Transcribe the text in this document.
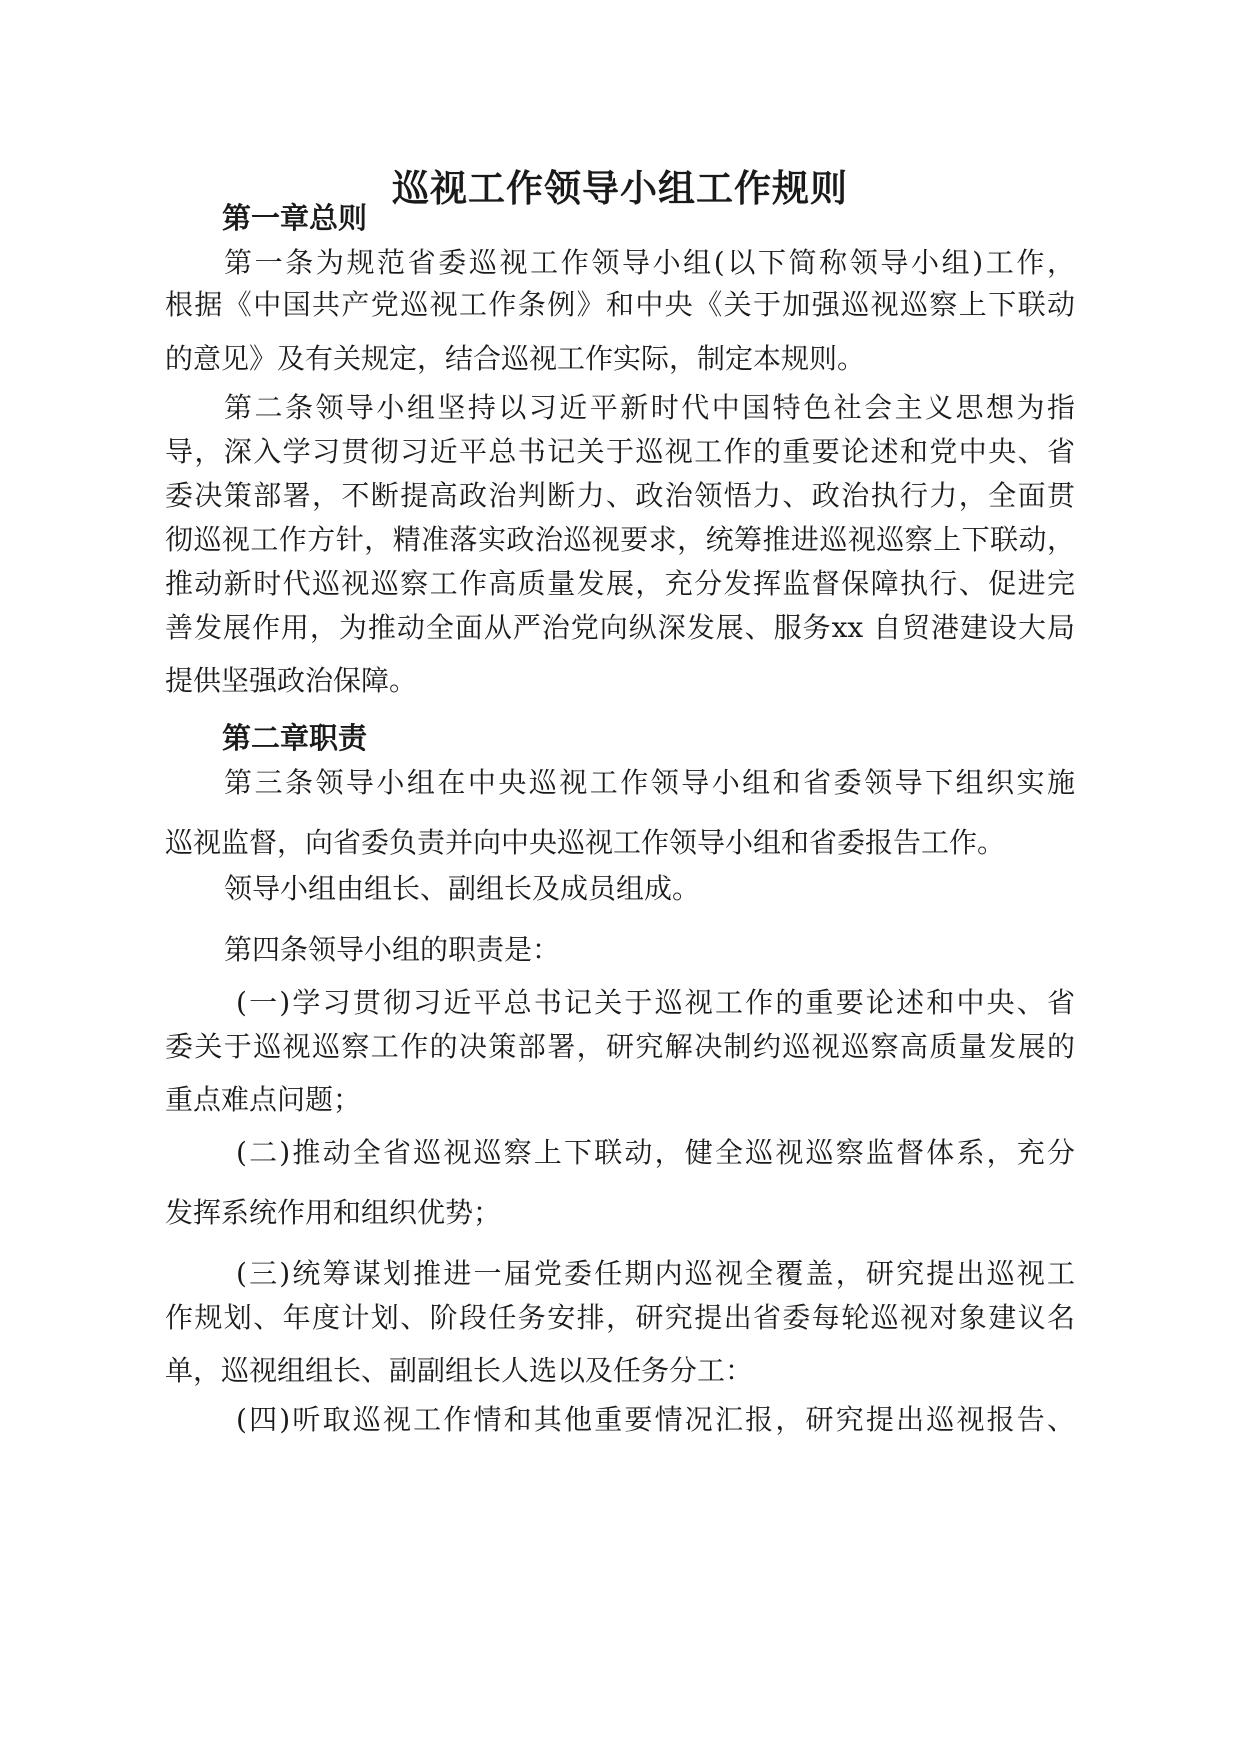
巡视工作领导小组工作规则
第一章总则
第一条为规范省委巡视工作领导小组(以下简称领导小组)工作，
根据《中国共产党巡视工作条例》和中央《关于加强巡视巡察上下联动
的意见》及有关规定，结合巡视工作实际，制定本规则。
第二条领导小组坚持以习近平新时代中国特色社会主义思想为指
导，深入学习贯彻习近平总书记关于巡视工作的重要论述和党中央、省
委决策部署，不断提高政治判断力、政治领悟力、政治执行力，全面贯
彻巡视工作方针，精准落实政治巡视要求，统筹推进巡视巡察上下联动，
推动新时代巡视巡察工作高质量发展，充分发挥监督保障执行、促进完
善发展作用，为推动全面从严治党向纵深发展、服务xx 自贸港建设大局
提供坚强政治保障。
第二章职责
第三条领导小组在中央巡视工作领导小组和省委领导下组织实施
巡视监督，向省委负责并向中央巡视工作领导小组和省委报告工作。
领导小组由组长、副组长及成员组成。
第四条领导小组的职责是：
(一)学习贯彻习近平总书记关于巡视工作的重要论述和中央、省
委关于巡视巡察工作的决策部署，研究解决制约巡视巡察高质量发展的
重点难点问题；
(二)推动全省巡视巡察上下联动，健全巡视巡察监督体系，充分
发挥系统作用和组织优势；
(三)统筹谋划推进一届党委任期内巡视全覆盖，研究提出巡视工
作规划、年度计划、阶段任务安排，研究提出省委每轮巡视对象建议名
单，巡视组组长、副副组长人选以及任务分工：
(四)听取巡视工作情和其他重要情况汇报，研究提出巡视报告、
